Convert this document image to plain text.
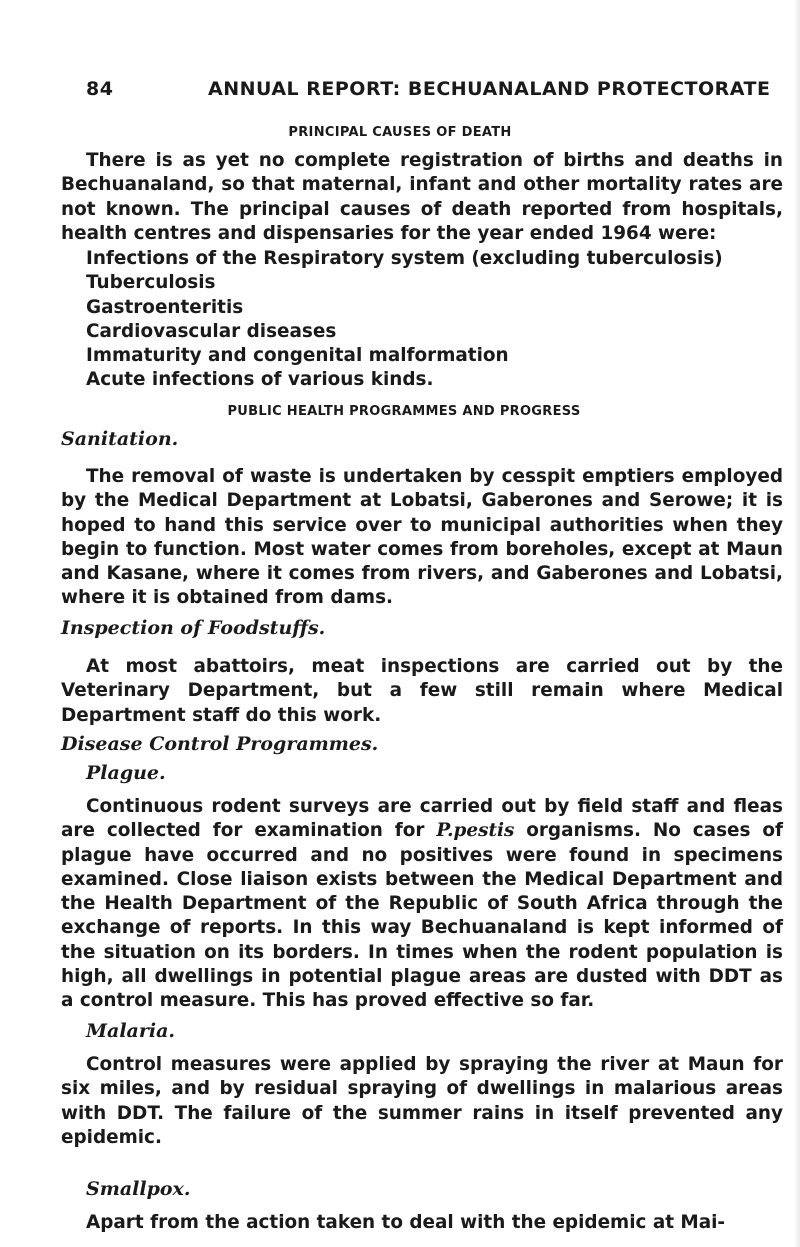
84	ANNUAL REPORT: BECHUANALAND PROTECTORATE
PRINCIPAL CAUSES OF DEATH
There is as yet no complete registration of births and deaths in Bechuanaland, so that maternal, infant and other mortality rates are not known. The principal causes of death reported from hospitals, health centres and dispensaries for the year ended 1964 were:
Infections of the Respiratory system (excluding tuberculosis)
Tuberculosis
Gastroenteritis
Cardiovascular diseases
Immaturity and congenital malformation
Acute infections of various kinds.
PUBLIC HEALTH PROGRAMMES AND PROGRESS
Sanitation.
The removal of waste is undertaken by cesspit emptiers employed by the Medical Department at Lobatsi, Gaberones and Serowe; it is hoped to hand this service over to municipal authorities when they begin to function. Most water comes from boreholes, except at Maun and Kasane, where it comes from rivers, and Gaberones and Lobatsi, where it is obtained from dams.
Inspection of Foodstuffs.
At most abattoirs, meat inspections are carried out by the Veterinary Department, but a few still remain where Medical Department staff do this work.
Disease Control Programmes.
Plague.
Continuous rodent surveys are carried out by field staff and fleas are collected for examination for P.pestis organisms. No cases of plague have occurred and no positives were found in specimens examined. Close liaison exists between the Medical Department and the Health Department of the Republic of South Africa through the exchange of reports. In this way Bechuanaland is kept informed of the situation on its borders. In times when the rodent population is high, all dwellings in potential plague areas are dusted with DDT as a control measure. This has proved effective so far.
Malaria.
Control measures were applied by spraying the river at Maun for six miles, and by residual spraying of dwellings in malarious areas with DDT. The failure of the summer rains in itself prevented any epidemic.
Smallpox.
Apart from the action taken to deal with the epidemic at Mai-
